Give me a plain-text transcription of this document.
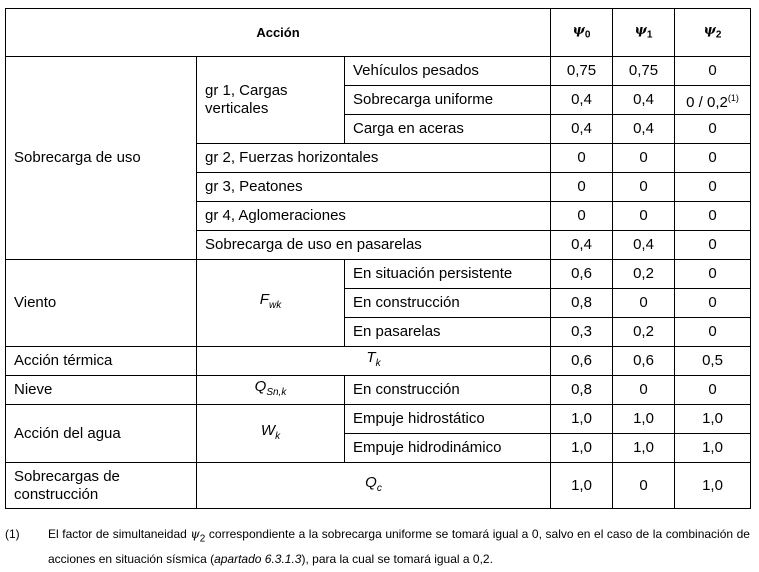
Acción			$\psi_0$	$\psi_1$	$\psi_2$
Sobrecarga de uso	gr 1, Cargas verticales	Vehículos pesados	0,75	0,75	0
		Sobrecarga uniforme	0,4	0,4	0 / 0,2$^{(1)}$
		Carga en aceras	0,4	0,4	0
	gr 2, Fuerzas horizontales		0	0	0
	gr 3, Peatones		0	0	0
	gr 4, Aglomeraciones		0	0	0
	Sobrecarga de uso en pasarelas		0,4	0,4	0
Viento	$F_{wk}$	En situación persistente	0,6	0,2	0
		En construcción	0,8	0	0
		En pasarelas	0,3	0,2	0
Acción térmica	$T_k$		0,6	0,6	0,5
Nieve	$Q_{Sn,k}$	En construcción	0,8	0	0
Acción del agua	$W_k$	Empuje hidrostático	1,0	1,0	1,0
		Empuje hidrodinámico	1,0	1,0	1,0
Sobrecargas de construcción	$Q_c$		1,0	0	1,0
(1) El factor de simultaneidad $\psi_2$ correspondiente a la sobrecarga uniforme se tomará igual a 0, salvo en el caso de la combinación de acciones en situación sísmica (apartado 6.3.1.3), para la cual se tomará igual a 0,2.
